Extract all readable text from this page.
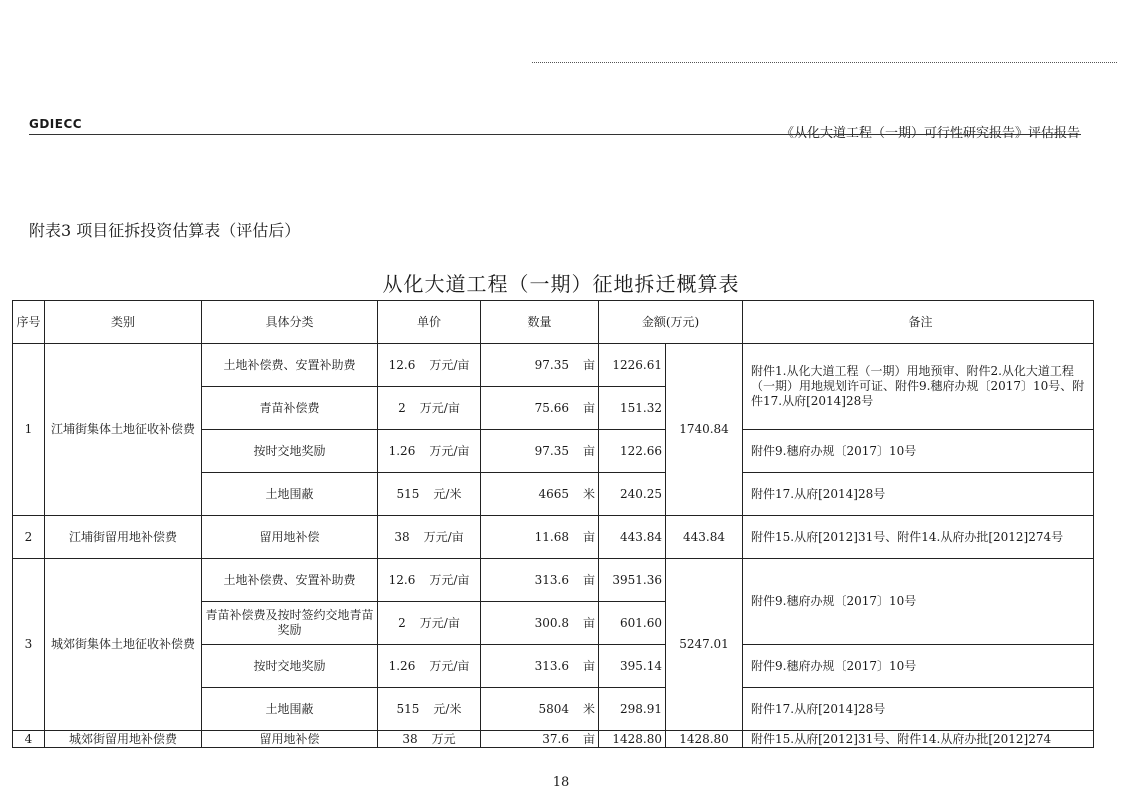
GDIECC
《从化大道工程（一期）可行性研究报告》评估报告
附表3 项目征拆投资估算表（评估后）
从化大道工程（一期）征地拆迁概算表
序号	类别	具体分类	单价	数量	金额(万元)		备注
1	江埔街集体土地征收补偿费	土地补偿费、安置补助费	12.6 万元/亩	97.35 亩	1226.61	1740.84	附件1.从化大道工程（一期）用地预审、附件2.从化大道工程（一期）用地规划许可证、附件9.穗府办规〔2017〕10号、附件17.从府[2014]28号
		青苗补偿费	2 万元/亩	75.66 亩	151.32		
		按时交地奖励	1.26 万元/亩	97.35 亩	122.66		附件9.穗府办规〔2017〕10号
		土地围蔽	515 元/米	4665 米	240.25		附件17.从府[2014]28号
2	江埔街留用地补偿费	留用地补偿	38 万元/亩	11.68 亩	443.84	443.84	附件15.从府[2012]31号、附件14.从府办批[2012]274号
3	城郊街集体土地征收补偿费	土地补偿费、安置补助费	12.6 万元/亩	313.6 亩	3951.36	5247.01	附件9.穗府办规〔2017〕10号
		青苗补偿费及按时签约交地青苗奖励	2 万元/亩	300.8 亩	601.60		
		按时交地奖励	1.26 万元/亩	313.6 亩	395.14		附件9.穗府办规〔2017〕10号
		土地围蔽	515 元/米	5804 米	298.91		附件17.从府[2014]28号
4	城郊街留用地补偿费	留用地补偿	38 万元	37.6 亩	1428.80	1428.80	附件15.从府[2012]31号、附件14.从府办批[2012]274
18
